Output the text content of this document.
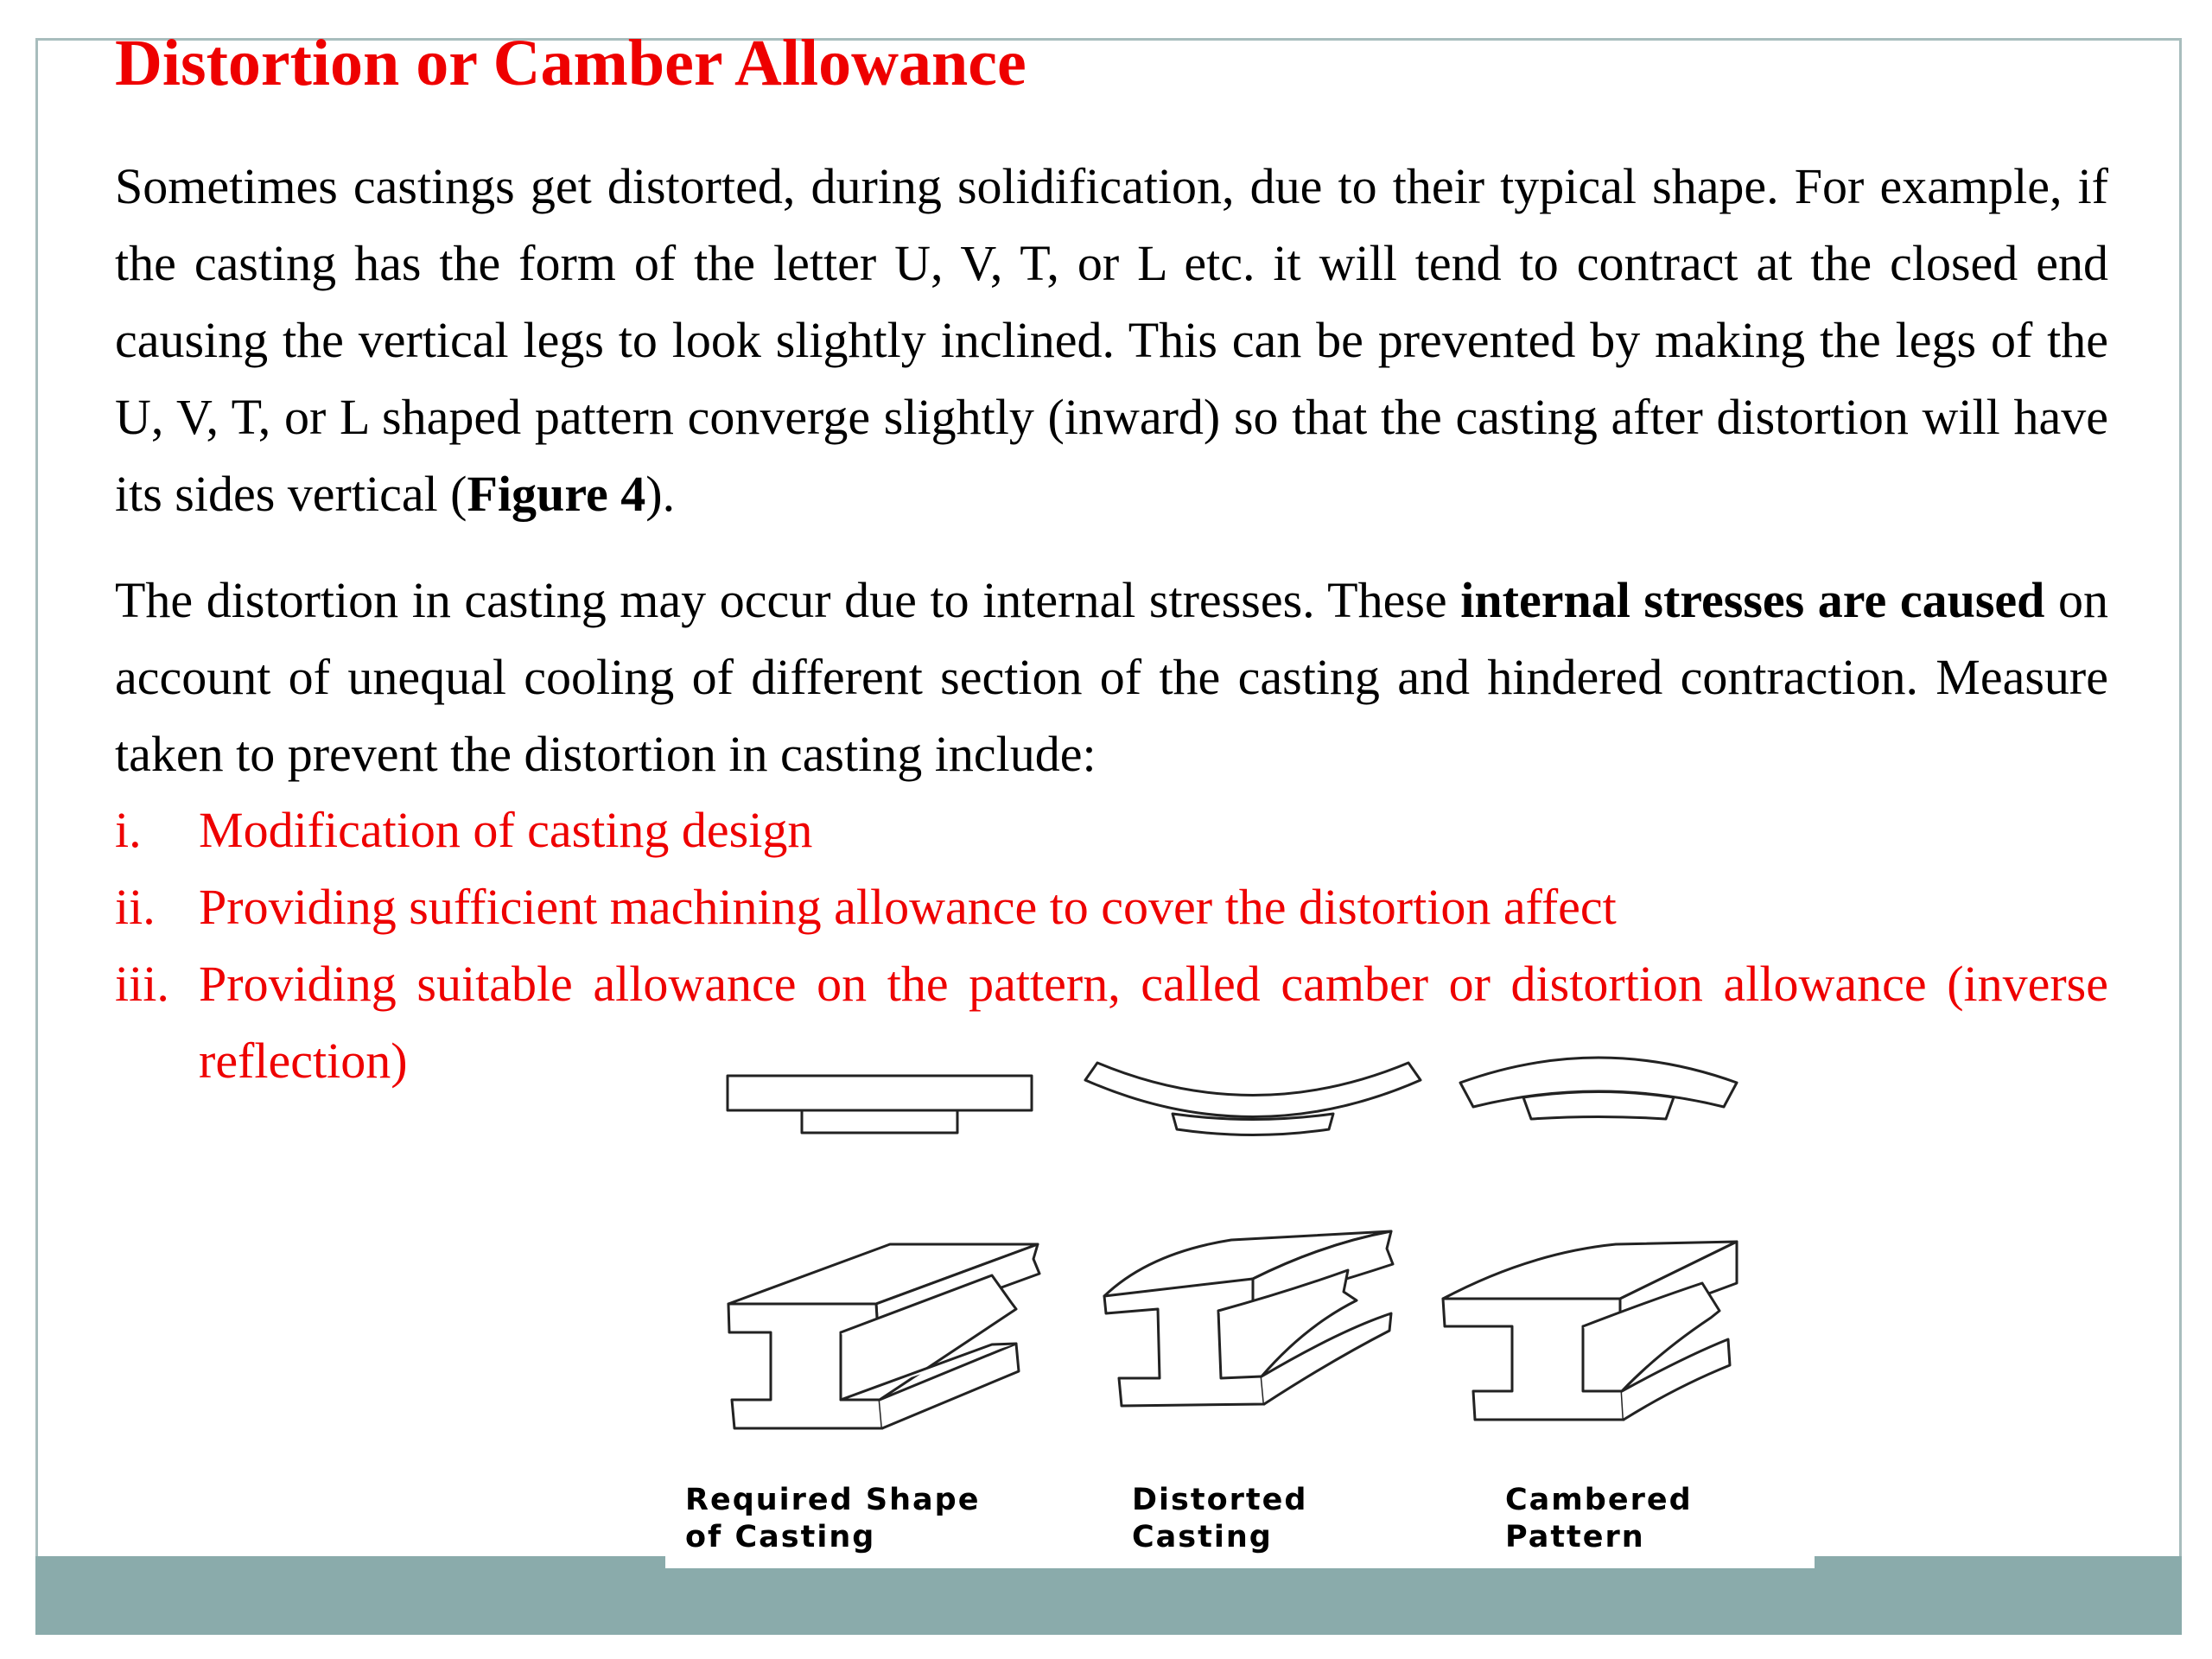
Distortion or Camber Allowance

Sometimes castings get distorted, during solidification, due to their typical shape. For example, if the casting has the form of the letter U, V, T, or L etc. it will tend to contract at the closed end causing the vertical legs to look slightly inclined. This can be prevented by making the legs of the U, V, T, or L shaped pattern converge slightly (inward) so that the casting after distortion will have its sides vertical (Figure 4).

The distortion in casting may occur due to internal stresses. These internal stresses are caused on account of unequal cooling of different section of the casting and hindered contraction. Measure taken to prevent the distortion in casting include:

i. Modification of casting design
ii. Providing sufficient machining allowance to cover the distortion affect
iii. Providing suitable allowance on the pattern, called camber or distortion allowance (inverse reflection)
Required Shape
of Casting
Distorted
Casting
Cambered
Pattern
